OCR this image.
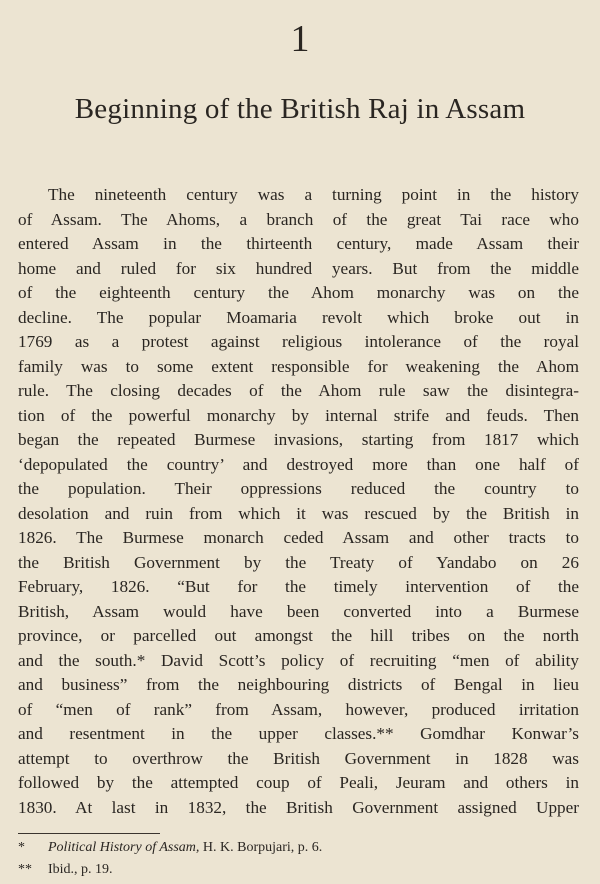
1
Beginning of the British Raj in Assam

The nineteenth century was a turning point in the history
of Assam. The Ahoms, a branch of the great Tai race who
entered Assam in the thirteenth century, made Assam their
home and ruled for six hundred years. But from the middle
of the eighteenth century the Ahom monarchy was on the
decline. The popular Moamaria revolt which broke out in
1769 as a protest against religious intolerance of the royal
family was to some extent responsible for weakening the Ahom
rule. The closing decades of the Ahom rule saw the disintegra-
tion of the powerful monarchy by internal strife and feuds. Then
began the repeated Burmese invasions, starting from 1817 which
‘depopulated the country’ and destroyed more than one half of
the population. Their oppressions reduced the country to
desolation and ruin from which it was rescued by the British in
1826. The Burmese monarch ceded Assam and other tracts to
the British Government by the Treaty of Yandabo on 26
February, 1826. “But for the timely intervention of the
British, Assam would have been converted into a Burmese
province, or parcelled out amongst the hill tribes on the north
and the south.* David Scott’s policy of recruiting “men of ability
and business” from the neighbouring districts of Bengal in lieu
of “men of rank” from Assam, however, produced irritation
and resentment in the upper classes.** Gomdhar Konwar’s
attempt to overthrow the British Government in 1828 was
followed by the attempted coup of Peali, Jeuram and others in
1830. At last in 1832, the British Government assigned Upper

* Political History of Assam, H. K. Borpujari, p. 6.
** Ibid., p. 19.
